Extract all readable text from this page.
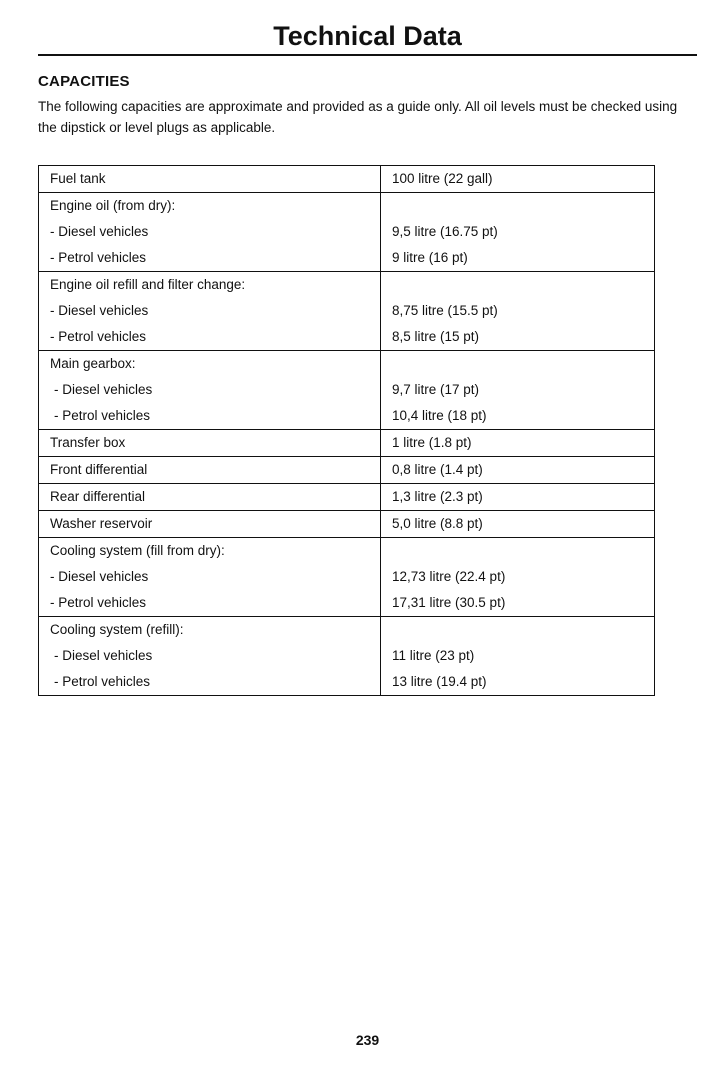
Technical Data
CAPACITIES
The following capacities are approximate and provided as a guide only. All oil levels must be checked using the dipstick or level plugs as applicable.
Fuel tank	100 litre (22 gall)
Engine oil (from dry):	
- Diesel vehicles	9,5 litre (16.75 pt)
- Petrol vehicles	9 litre (16 pt)
Engine oil refill and filter change:	
- Diesel vehicles	8,75 litre (15.5 pt)
- Petrol vehicles	8,5 litre (15 pt)
Main gearbox:	
- Diesel vehicles	9,7 litre (17 pt)
- Petrol vehicles	10,4 litre (18 pt)
Transfer box	1 litre (1.8 pt)
Front differential	0,8 litre (1.4 pt)
Rear differential	1,3 litre (2.3 pt)
Washer reservoir	5,0 litre (8.8 pt)
Cooling system (fill from dry):	
- Diesel vehicles	12,73 litre (22.4 pt)
- Petrol vehicles	17,31 litre (30.5 pt)
Cooling system (refill):	
- Diesel vehicles	11 litre (23 pt)
- Petrol vehicles	13 litre (19.4 pt)
239
